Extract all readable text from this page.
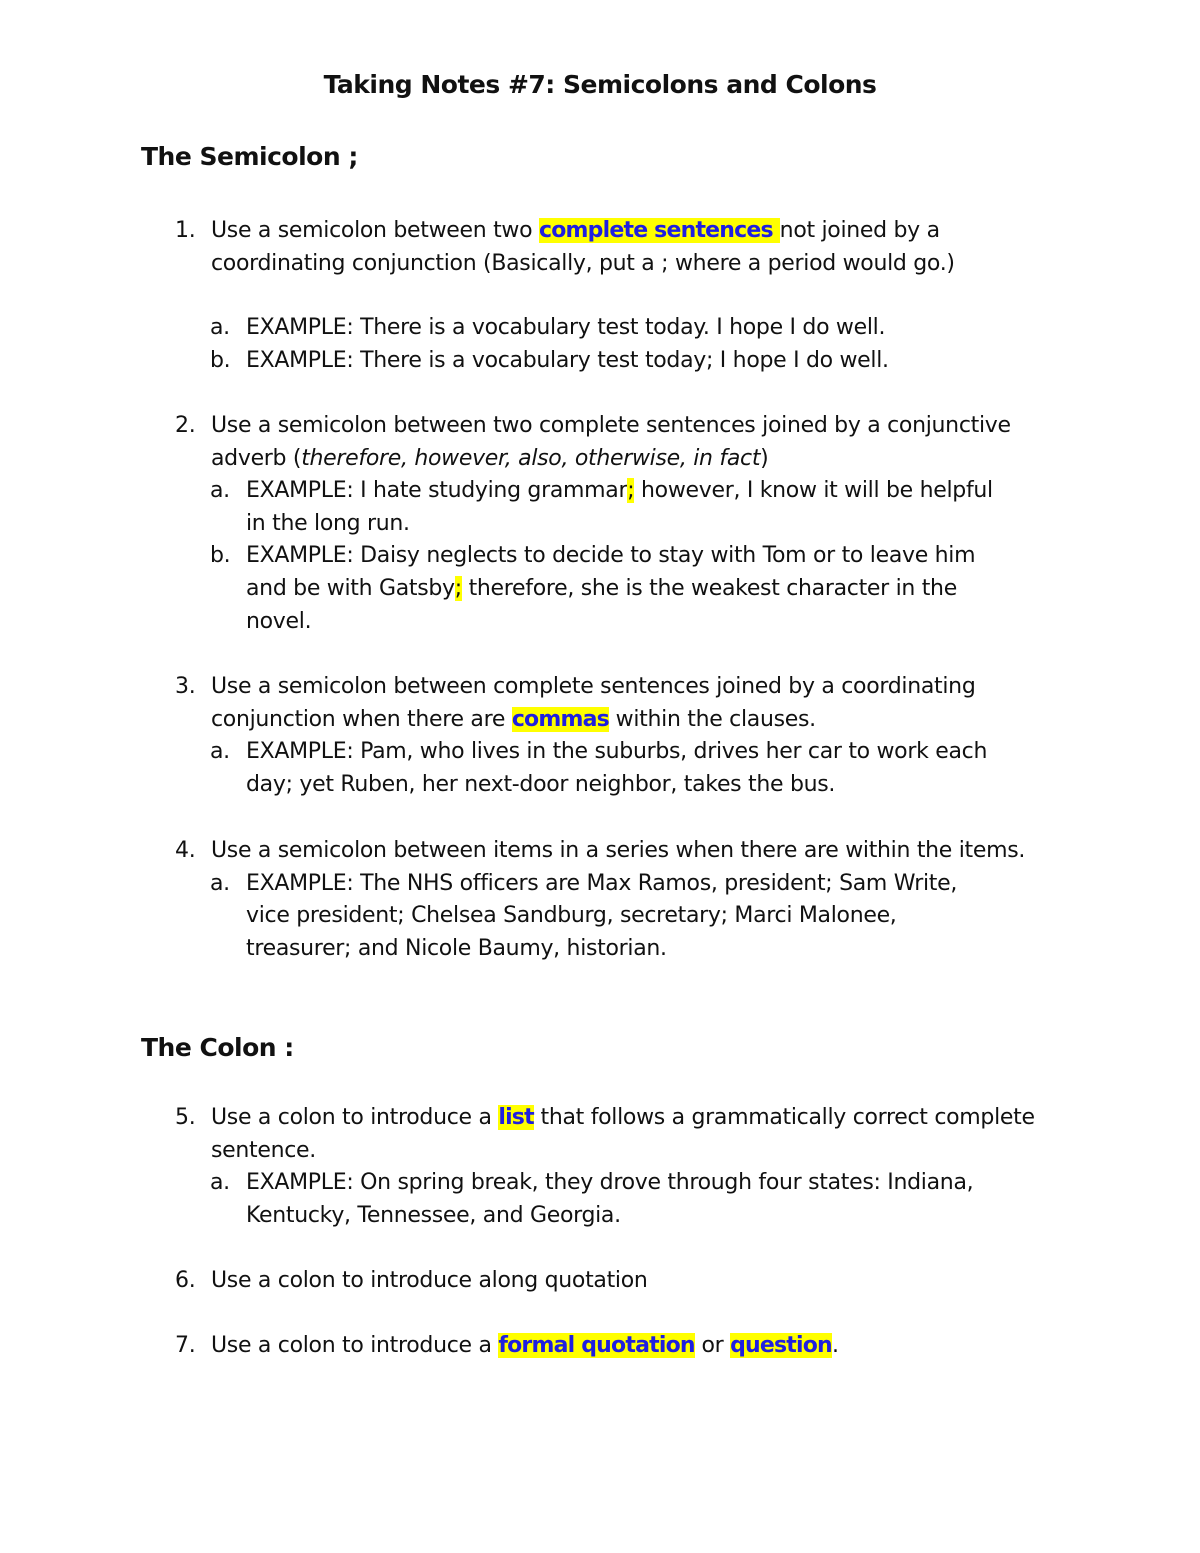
Taking Notes #7: Semicolons and Colons
The Semicolon ;
1. Use a semicolon between two complete sentences not joined by a coordinating conjunction (Basically, put a ; where a period would go.)
a. EXAMPLE: There is a vocabulary test today. I hope I do well.
b. EXAMPLE: There is a vocabulary test today; I hope I do well.
2. Use a semicolon between two complete sentences joined by a conjunctive adverb (therefore, however, also, otherwise, in fact)
a. EXAMPLE: I hate studying grammar; however, I know it will be helpful in the long run.
b. EXAMPLE: Daisy neglects to decide to stay with Tom or to leave him and be with Gatsby; therefore, she is the weakest character in the novel.
3. Use a semicolon between complete sentences joined by a coordinating conjunction when there are commas within the clauses.
a. EXAMPLE: Pam, who lives in the suburbs, drives her car to work each day; yet Ruben, her next-door neighbor, takes the bus.
4. Use a semicolon between items in a series when there are within the items.
a. EXAMPLE: The NHS officers are Max Ramos, president; Sam Write, vice president; Chelsea Sandburg, secretary; Marci Malonee, treasurer; and Nicole Baumy, historian.
The Colon :
5. Use a colon to introduce a list that follows a grammatically correct complete sentence.
a. EXAMPLE: On spring break, they drove through four states: Indiana, Kentucky, Tennessee, and Georgia.
6. Use a colon to introduce along quotation
7. Use a colon to introduce a formal quotation or question.
